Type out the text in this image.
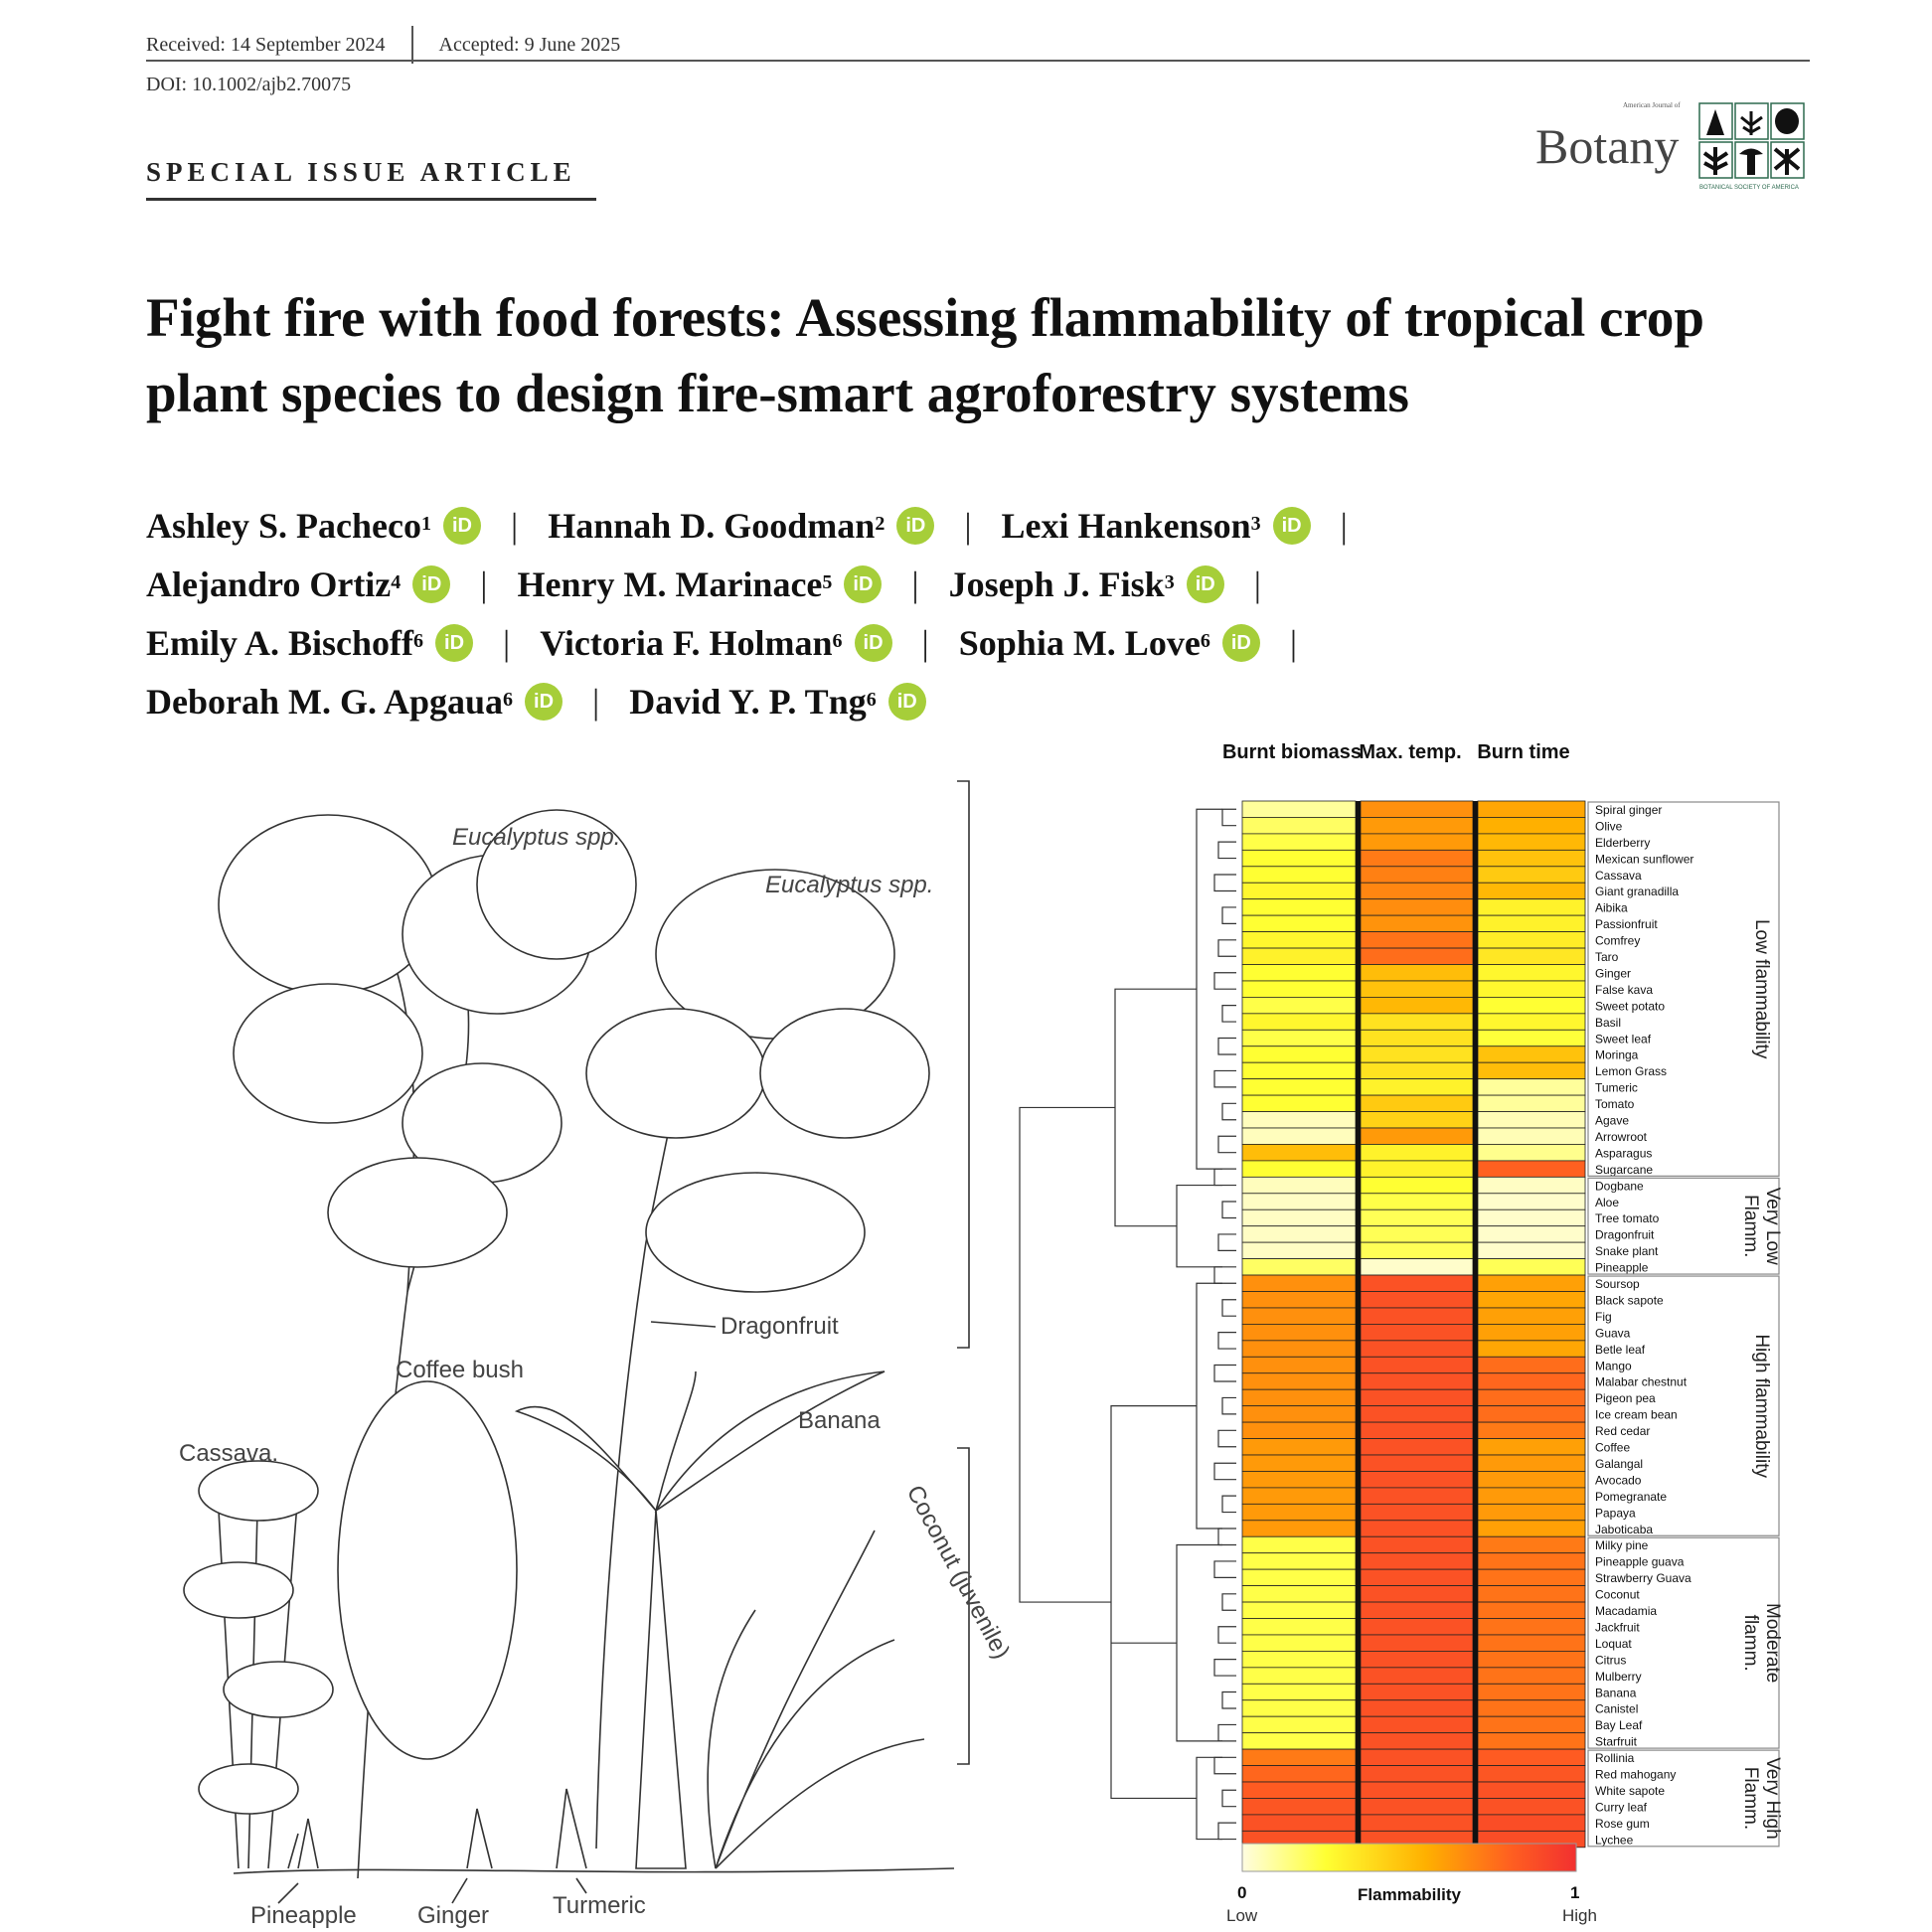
Received: 14 September 2024	Accepted: 9 June 2025
DOI: 10.1002/ajb2.70075
SPECIAL ISSUE ARTICLE
American Journal of
Botany
BOTANICAL SOCIETY OF AMERICA
Fight fire with food forests: Assessing flammability of tropical crop plant species to design fire-smart agroforestry systems
Ashley S. Pacheco$^1$ iD | Hannah D. Goodman$^2$ iD | Lexi Hankenson$^3$ iD |
Alejandro Ortiz$^4$ iD | Henry M. Marinace$^5$ iD | Joseph J. Fisk$^3$ iD |
Emily A. Bischoff$^6$ iD | Victoria F. Holman$^6$ iD | Sophia M. Love$^6$ iD |
Deborah M. G. Apgaua$^6$ iD | David Y. P. Tng$^6$ iD
Eucalyptus spp.
Eucalyptus spp.
Dragonfruit
Coffee bush
Banana
Cassava.
Coconut (juvenile)
Pineapple	Ginger	Turmeric
Burnt biomass
Max. temp. Burn time
Spiral ginger
Olive
Elderberry
Mexican sunflower
Cassava
Giant granadilla
Aibika
Passionfruit
Comfrey
Taro
Ginger
False kava
Sweet potato
Basil
Sweet leaf
Moringa
Lemon Grass
Tumeric
Tomato
Agave
Arrowroot
Asparagus
Sugarcane
Dogbane
Aloe
Tree tomato
Dragonfruit
Snake plant
Pineapple
Soursop
Black sapote
Fig
Guava
Betle leaf
Mango
Malabar chestnut
Pigeon pea
Ice cream bean
Red cedar
Coffee
Galangal
Avocado
Pomegranate
Papaya
Jaboticaba
Milky pine
Pineapple guava
Strawberry Guava
Coconut
Macadamia
Jackfruit
Loquat
Citrus
Mulberry
Banana
Canistel
Bay Leaf
Starfruit
Rollinia
Red mahogany
White sapote
Curry leaf
Rose gum
Lychee
Low flammability
Very Low
Flamm.
High flammability
Moderate
flamm.
Very High
Flamm.
0	1
Flammability
Low	High
